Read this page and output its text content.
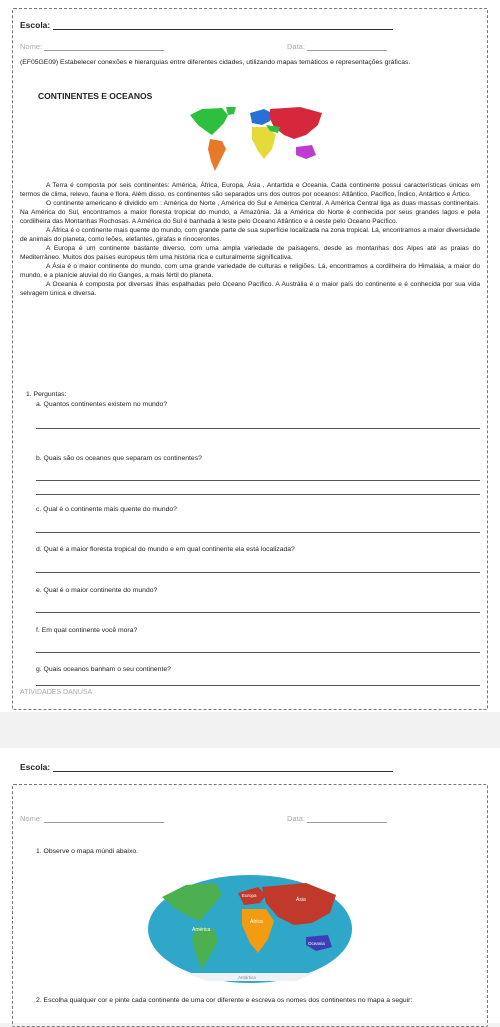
Escola:
Nome:	Data:
(EF05GE09) Estabelecer conexões e hierarquias entre diferentes cidades, utilizando mapas temáticos e representações gráficas.
CONTINENTES E OCEANOS

A Terra é composta por seis continentes: América, África, Europa, Ásia , Antartida e Oceania. Cada continente possui características únicas em termos de clima, relevo, fauna e flora. Além disso, os continentes são separados uns dos outros por oceanos: Atlântico, Pacífico, Índico, Antártico e Ártico.

O continente americano é dividido em : América do Norte , América do Sul e América Central. A América Central liga as duas massas continentais. Na América do Sul, encontramos a maior floresta tropical do mundo, a Amazônia. Já a América do Norte é conhecida por seus grandes lagos e pela cordilheira das Montanhas Rochosas. A América do Sul é banhada à leste pelo Oceano Atlântico e à oeste pelo Oceano Pacífico.

A África é o continente mais quente do mundo, com grande parte de sua superfície localizada na zona tropical. Lá, encontramos a maior diversidade de animais do planeta, como leões, elefantes, girafas e rinocerontes.

A Europa é um continente bastante diverso, com uma ampla variedade de paisagens, desde as montanhas dos Alpes até as praias do Mediterrâneo. Muitos dos países europeus têm uma história rica e culturalmente significativa.

A Ásia é o maior continente do mundo, com uma grande variedade de culturas e religiões. Lá, encontramos a cordilheira do Himalaia, a maior do mundo, e a planície aluvial do rio Ganges, a mais fértil do planeta.

A Oceania é composta por diversas ilhas espalhadas pelo Oceano Pacífico. A Austrália é o maior país do continente e é conhecida por sua vida selvagem única e diversa.

1. Perguntas:
a. Quantos continentes existem no mundo?
b. Quais são os oceanos que separam os continentes?
c. Qual é o continente mais quente do mundo?
d. Qual é a maior floresta tropical do mundo e em qual continente ela está localizada?
e. Qual é o maior continente do mundo?
f. Em qual continente você mora?
g. Quais oceanos banham o seu continente?
ATIVIDADES DANUSA
Escola:
Nome:	Data:
1. Observe o mapa múndi abaixo.
América
Europa
Ásia
África
Oceania
Antártica
2. Escolha qualquer cor e pinte cada continente de uma cor diferente e escreva os nomes dos continentes no mapa a seguir:
